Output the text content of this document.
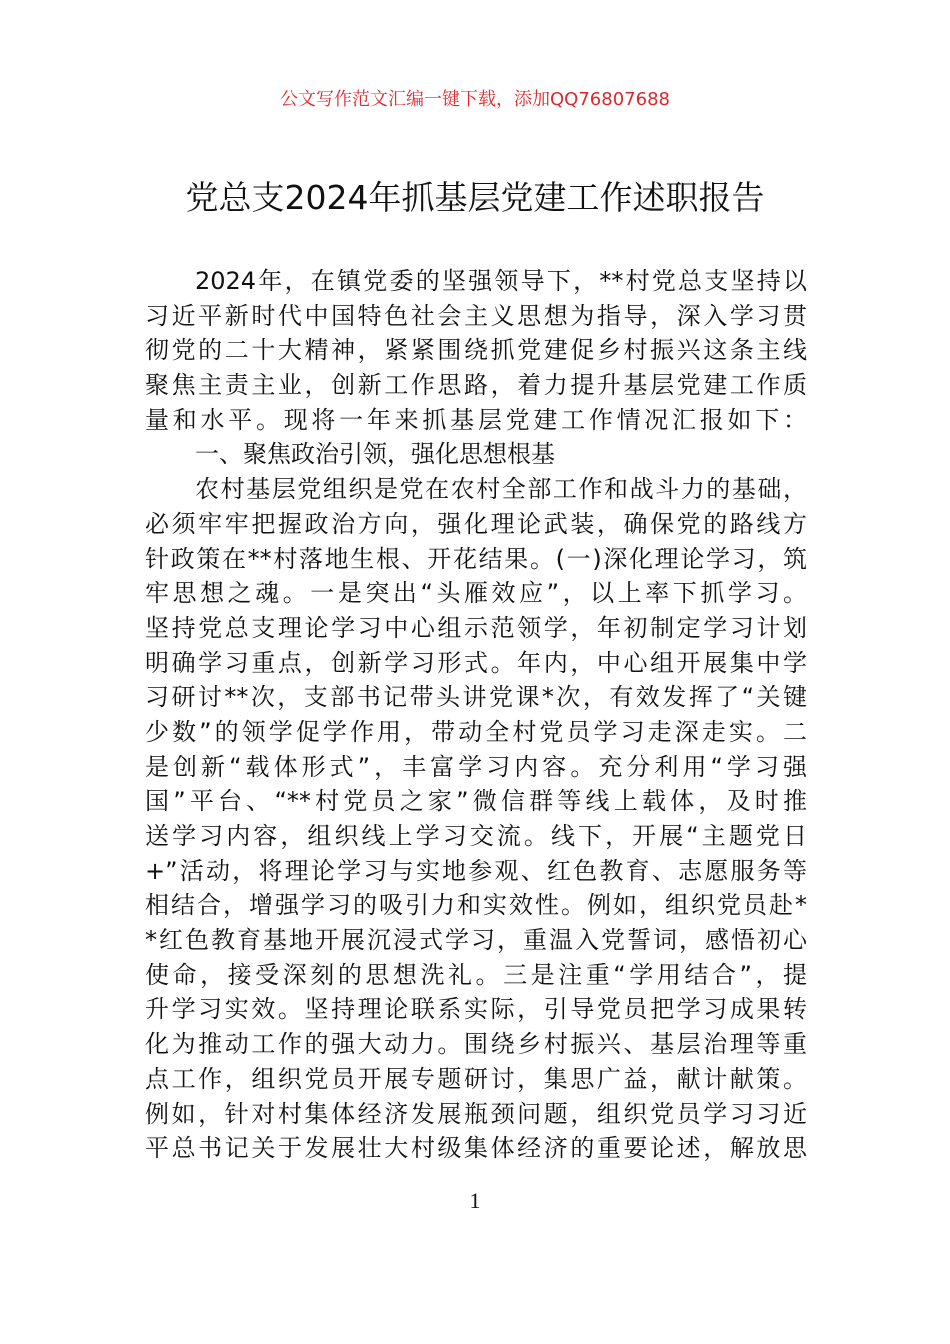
公文写作范文汇编一键下载，添加QQ76807688
党总支2024年抓基层党建工作述职报告
2024年，在镇党委的坚强领导下，**村党总支坚持以
习近平新时代中国特色社会主义思想为指导，深入学习贯
彻党的二十大精神，紧紧围绕抓党建促乡村振兴这条主线
聚焦主责主业，创新工作思路，着力提升基层党建工作质
量和水平。现将一年来抓基层党建工作情况汇报如下：
一、聚焦政治引领，强化思想根基
农村基层党组织是党在农村全部工作和战斗力的基础，
必须牢牢把握政治方向，强化理论武装，确保党的路线方
针政策在**村落地生根、开花结果。(一)深化理论学习，筑
牢思想之魂。一是突出“头雁效应”，以上率下抓学习。
坚持党总支理论学习中心组示范领学，年初制定学习计划
明确学习重点，创新学习形式。年内，中心组开展集中学
习研讨**次，支部书记带头讲党课*次，有效发挥了“关键
少数”的领学促学作用，带动全村党员学习走深走实。二
是创新“载体形式”，丰富学习内容。充分利用“学习强
国”平台、“**村党员之家”微信群等线上载体，及时推
送学习内容，组织线上学习交流。线下，开展“主题党日
+”活动，将理论学习与实地参观、红色教育、志愿服务等
相结合，增强学习的吸引力和实效性。例如，组织党员赴*
*红色教育基地开展沉浸式学习，重温入党誓词，感悟初心
使命，接受深刻的思想洗礼。三是注重“学用结合”，提
升学习实效。坚持理论联系实际，引导党员把学习成果转
化为推动工作的强大动力。围绕乡村振兴、基层治理等重
点工作，组织党员开展专题研讨，集思广益，献计献策。
例如，针对村集体经济发展瓶颈问题，组织党员学习习近
平总书记关于发展壮大村级集体经济的重要论述，解放思
1
